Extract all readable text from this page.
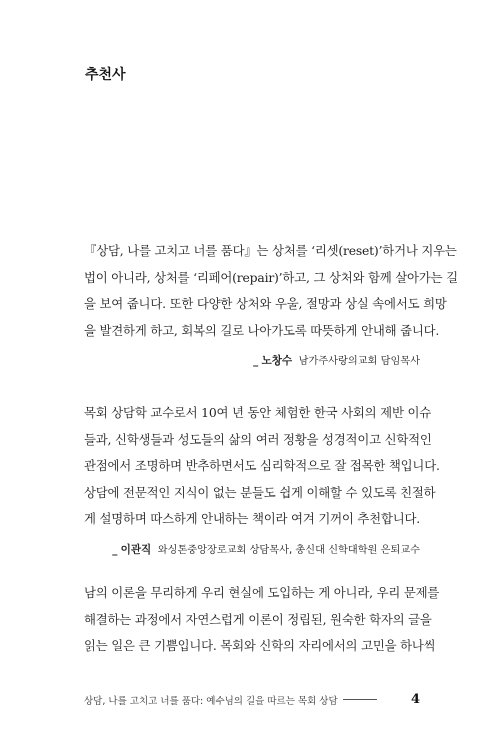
추천사

『상담, 나를 고치고 너를 품다』는 상처를 ‘리셋(reset)’하거나 지우는
법이 아니라, 상처를 ‘리페어(repair)’하고, 그 상처와 함께 살아가는 길
을 보여 줍니다. 또한 다양한 상처와 우울, 절망과 상실 속에서도 희망
을 발견하게 하고, 회복의 길로 나아가도록 따뜻하게 안내해 줍니다.

_ 노창수 남가주사랑의교회 담임목사

목회 상담학 교수로서 10여 년 동안 체험한 한국 사회의 제반 이슈
들과, 신학생들과 성도들의 삶의 여러 정황을 성경적이고 신학적인
관점에서 조명하며 반추하면서도 심리학적으로 잘 접목한 책입니다.
상담에 전문적인 지식이 없는 분들도 쉽게 이해할 수 있도록 친절하
게 설명하며 따스하게 안내하는 책이라 여겨 기꺼이 추천합니다.

_ 이관직 와싱톤중앙장로교회 상담목사, 총신대 신학대학원 은퇴교수

남의 이론을 무리하게 우리 현실에 도입하는 게 아니라, 우리 문제를
해결하는 과정에서 자연스럽게 이론이 정립된, 원숙한 학자의 글을
읽는 일은 큰 기쁨입니다. 목회와 신학의 자리에서의 고민을 하나씩

상담, 나를 고치고 너를 품다: 예수님의 길을 따르는 목회 상담	4
